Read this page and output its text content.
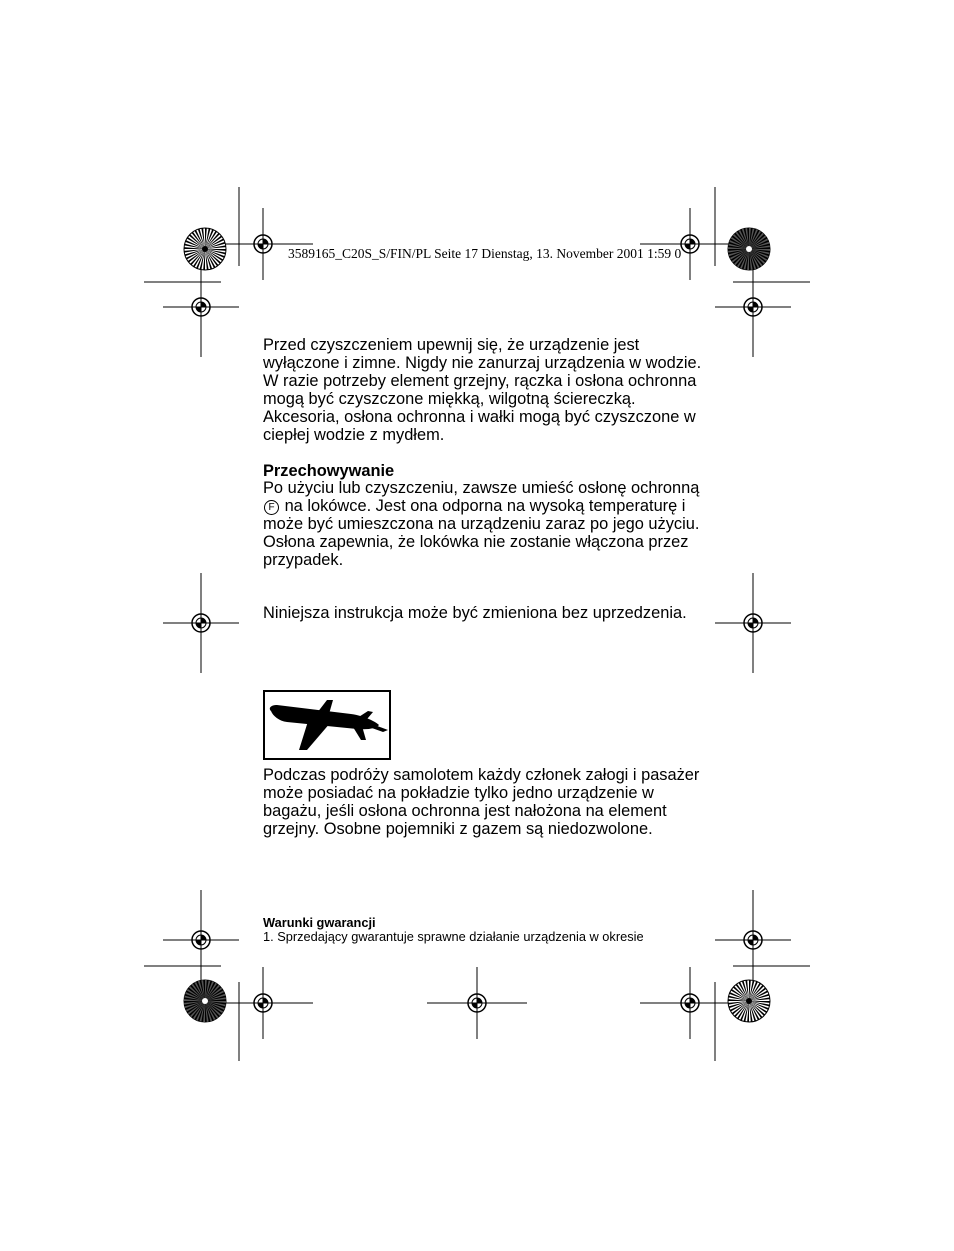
3589165_C20S_S/FIN/PL Seite 17 Dienstag, 13. November 2001 1:59 0

Przed czyszczeniem upewnij się, że urządzenie jest wyłączone i zimne. Nigdy nie zanurzaj urządzenia w wodzie. W razie potrzeby element grzejny, rączka i osłona ochronna mogą być czyszczone miękką, wilgotną ściereczką. Akcesoria, osłona ochronna i wałki mogą być czyszczone w ciepłej wodzie z mydłem.

Przechowywanie

Po użyciu lub czyszczeniu, zawsze umieść osłonę ochronną F na lokówce. Jest ona odporna na wysoką temperaturę i może być umieszczona na urządzeniu zaraz po jego użyciu. Osłona zapewnia, że lokówka nie zostanie włączona przez przypadek.

Niniejsza instrukcja może być zmieniona bez uprzedzenia.

Podczas podróży samolotem każdy członek załogi i pasażer może posiadać na pokładzie tylko jedno urządzenie w bagażu, jeśli osłona ochronna jest nałożona na element grzejny. Osobne pojemniki z gazem są niedozwolone.

Warunki gwarancji

1. Sprzedający gwarantuje sprawne działanie urządzenia w okresie
